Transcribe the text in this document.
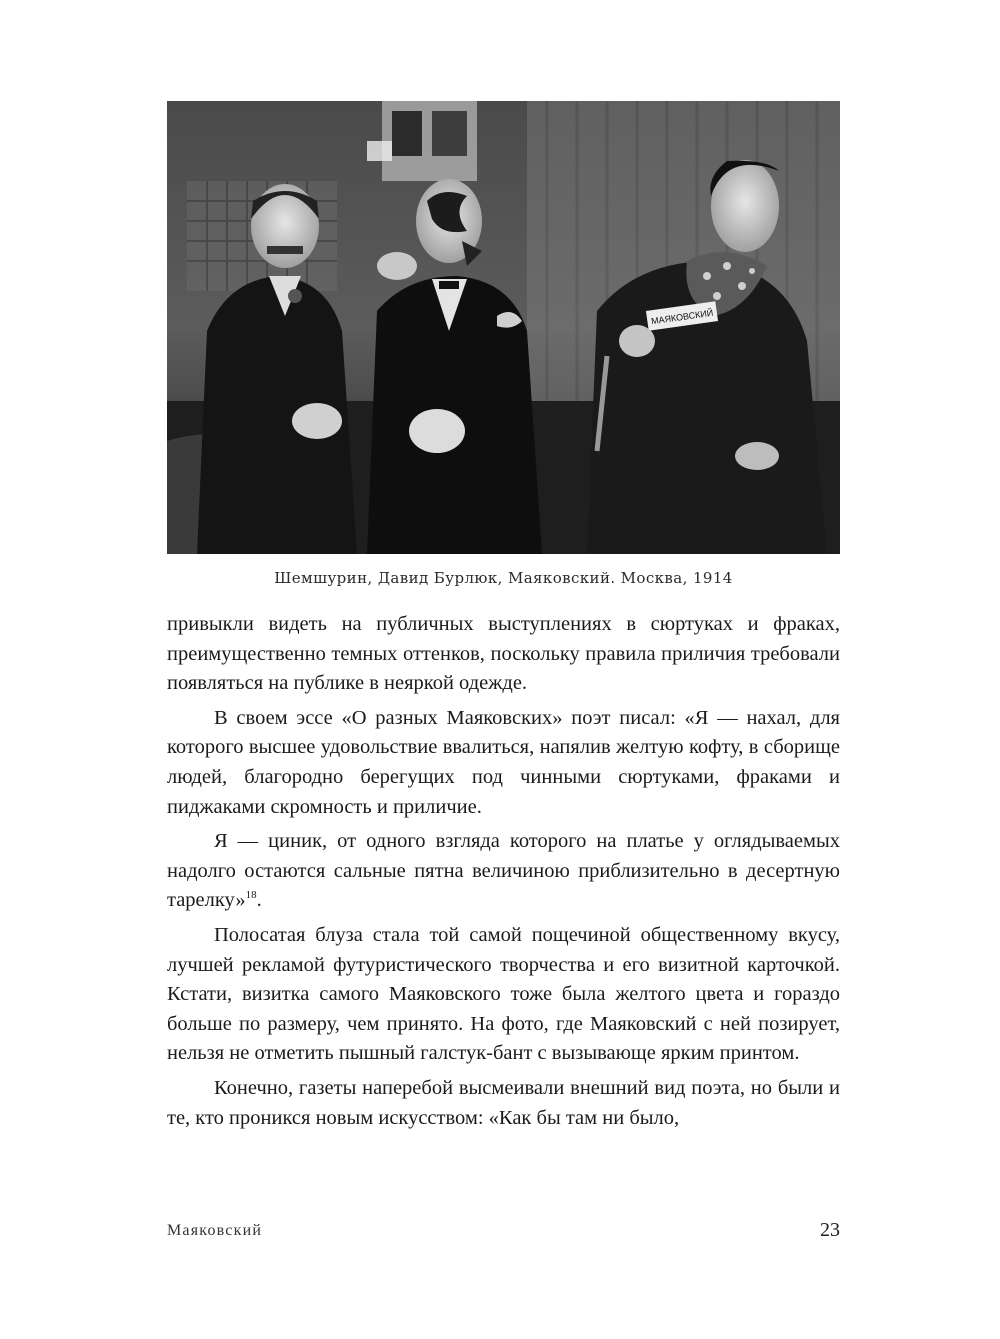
МАЯКОВСКИЙ
Шемшурин, Давид Бурлюк, Маяковский. Москва, 1914

привыкли видеть на публичных выступлениях в сюртуках и фраках, преимущественно темных оттенков, поскольку правила приличия требовали появляться на публике в неяркой одежде.

В своем эссе «О разных Маяковских» поэт писал: «Я — нахал, для которого высшее удовольствие ввалиться, напялив желтую кофту, в сборище людей, благородно берегущих под чинными сюртуками, фраками и пиджаками скромность и приличие.

Я — циник, от одного взгляда которого на платье у оглядываемых надолго остаются сальные пятна величиною приблизительно в десертную тарелку»$^{18}$.

Полосатая блуза стала той самой пощечиной общественному вкусу, лучшей рекламой футуристического творчества и его визитной карточкой. Кстати, визитка самого Маяковского тоже была желтого цвета и гораздо больше по размеру, чем принято. На фото, где Маяковский с ней позирует, нельзя не отметить пышный галстук-бант с вызывающе ярким принтом.

Конечно, газеты наперебой высмеивали внешний вид поэта, но были и те, кто проникся новым искусством: «Как бы там ни было,

Маяковский	23
